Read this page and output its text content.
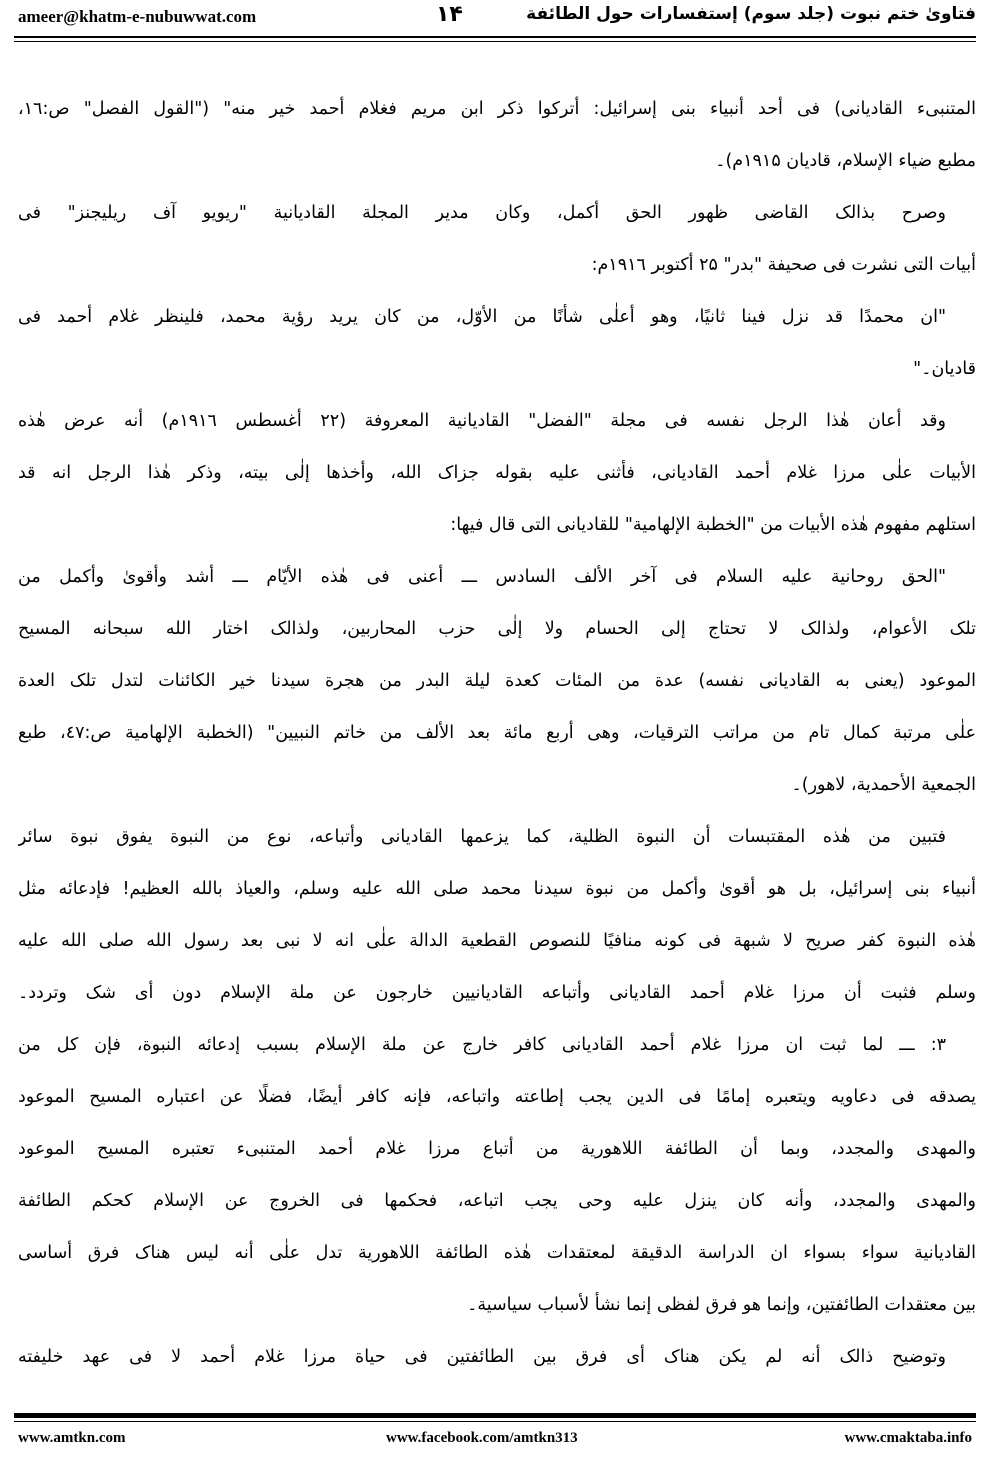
ameer@khatm-e-nubuwwat.com	۱۴	فتاویٰ ختم نبوت (جلد سوم) إستفسارات حول الطائفة
المتنبیء القادیانی) فی أحد أنبیاء بنی إسرائیل: أترکوا ذکر ابن مریم فغلام أحمد خیر منه" ("القول الفصل" ص:۱٦،
مطبع ضیاء الإسلام، قادیان ۱۹۱۵م)۔
وصرح بذالک القاضی ظهور الحق أکمل، وکان مدیر المجلة القادیانیة "ریویو آف ریلیجنز" فی
أبیات التی نشرت فی صحیفة "بدر" ۲۵ أکتوبر ۱۹۱٦م:
"ان محمدًا قد نزل فینا ثانیًا، وهو أعلٰی شأنًا من الأوّل، من کان یرید رؤیة محمد، فلینظر غلام أحمد فی
قادیان۔"
وقد أعان هٰذا الرجل نفسه فی مجلة "الفضل" القادیانیة المعروفة (۲۲ أغسطس ۱۹۱٦م) أنه عرض هٰذه
الأبیات علٰی مرزا غلام أحمد القادیانی، فأثنی علیه بقوله جزاک الله، وأخذها إلٰی بیته، وذکر هٰذا الرجل انه قد
استلهم مفهوم هٰذه الأبیات من "الخطبة الإلهامیة" للقادیانی التی قال فیها:
"الحق روحانیة علیه السلام فی آخر الألف السادس ـــ أعنی فی هٰذه الأیّام ـــ أشد وأقویٰ وأکمل من
تلک الأعوام، ولذالک لا تحتاج إلی الحسام ولا إلٰی حزب المحاربین، ولذالک اختار الله سبحانه المسیح
الموعود (یعنی به القادیانی نفسه) عدة من المئات کعدة لیلة البدر من هجرة سیدنا خیر الکائنات لتدل تلک العدة
علٰی مرتبة کمال تام من مراتب الترقیات، وهی أربع مائة بعد الألف من خاتم النبیین" (الخطبة الإلهامیة ص:٤٧، طبع
الجمعیة الأحمدیة، لاهور)۔
فتبین من هٰذه المقتبسات أن النبوة الظلیة، کما یزعمها القادیانی وأتباعه، نوع من النبوة یفوق نبوة سائر
أنبیاء بنی إسرائیل، بل هو أقویٰ وأکمل من نبوة سیدنا محمد صلی الله علیه وسلم، والعیاذ بالله العظیم! فإدعائه مثل
هٰذه النبوة کفر صریح لا شبهة فی کونه منافیًا للنصوص القطعیة الدالة علٰی انه لا نبی بعد رسول الله صلی الله علیه
وسلم فثبت أن مرزا غلام أحمد القادیانی وأتباعه القادیانیین خارجون عن ملة الإسلام دون أی شک وتردد۔
۳: ـــ لما ثبت ان مرزا غلام أحمد القادیانی کافر خارج عن ملة الإسلام بسبب إدعائه النبوة، فإن کل من
یصدقه فی دعاویه ویتعبره إمامًا فی الدین یجب إطاعته واتباعه، فإنه کافر أیضًا، فضلًا عن اعتباره المسیح الموعود
والمهدی والمجدد، وبما أن الطائفة اللاهوریة من أتباع مرزا غلام أحمد المتنبیء تعتبره المسیح الموعود
والمهدی والمجدد، وأنه کان ینزل علیه وحی یجب اتباعه، فحکمها فی الخروج عن الإسلام کحکم الطائفة
القادیانیة سواء بسواء ان الدراسة الدقیقة لمعتقدات هٰذه الطائفة اللاهوریة تدل علٰی أنه لیس هناک فرق أساسی
بین معتقدات الطائفتین، وإنما هو فرق لفظی إنما نشأ لأسباب سیاسیة۔
وتوضیح ذالک أنه لم یکن هناک أی فرق بین الطائفتین فی حیاة مرزا غلام أحمد لا فی عهد خلیفته
www.amtkn.com	www.facebook.com/amtkn313	www.cmaktaba.info
